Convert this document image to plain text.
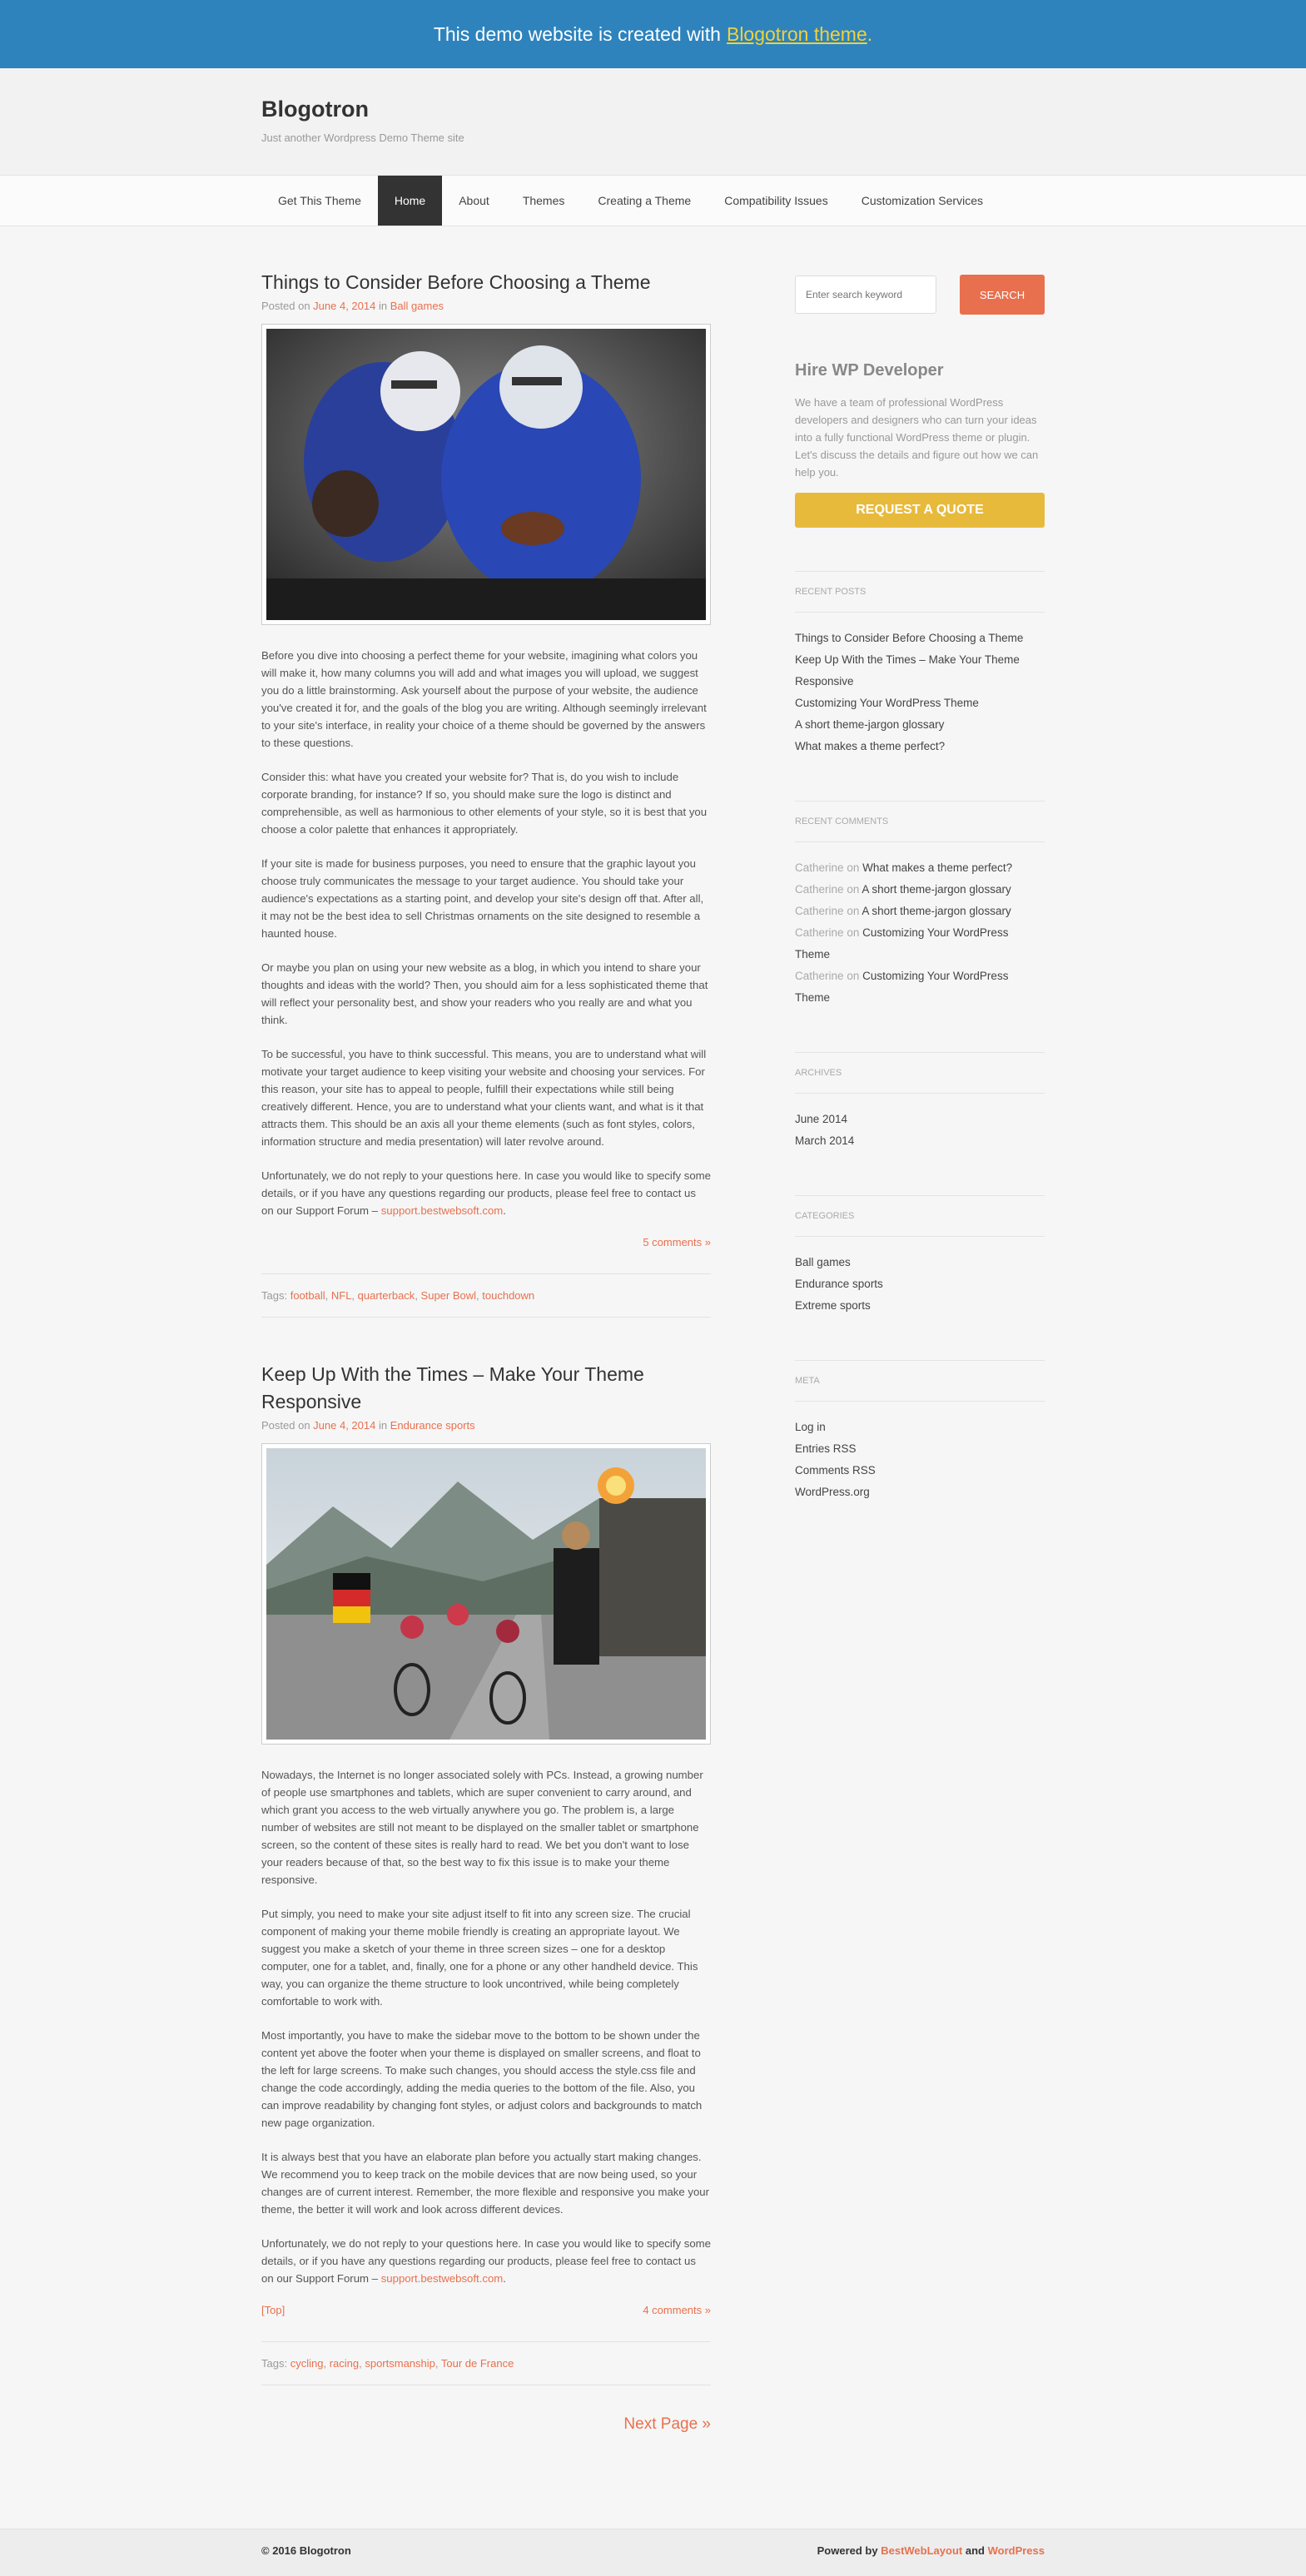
This demo website is created with Blogotron theme .
Blogotron
Just another Wordpress Demo Theme site
Get This Theme	Home	About	Themes	Creating a Theme	Compatibility Issues	Customization Services
Things to Consider Before Choosing a Theme
Posted on June 4, 2014 in Ball games

Before you dive into choosing a perfect theme for your website, imagining what colors you will make it, how many columns you will add and what images you will upload, we suggest you do a little brainstorming. Ask yourself about the purpose of your website, the audience you've created it for, and the goals of the blog you are writing. Although seemingly irrelevant to your site's interface, in reality your choice of a theme should be governed by the answers to these questions.

Consider this: what have you created your website for? That is, do you wish to include corporate branding, for instance? If so, you should make sure the logo is distinct and comprehensible, as well as harmonious to other elements of your style, so it is best that you choose a color palette that enhances it appropriately.

If your site is made for business purposes, you need to ensure that the graphic layout you choose truly communicates the message to your target audience. You should take your audience's expectations as a starting point, and develop your site's design off that. After all, it may not be the best idea to sell Christmas ornaments on the site designed to resemble a haunted house.

Or maybe you plan on using your new website as a blog, in which you intend to share your thoughts and ideas with the world? Then, you should aim for a less sophisticated theme that will reflect your personality best, and show your readers who you really are and what you think.

To be successful, you have to think successful. This means, you are to understand what will motivate your target audience to keep visiting your website and choosing your services. For this reason, your site has to appeal to people, fulfill their expectations while still being creatively different. Hence, you are to understand what your clients want, and what is it that attracts them. This should be an axis all your theme elements (such as font styles, colors, information structure and media presentation) will later revolve around.

Unfortunately, we do not reply to your questions here. In case you would like to specify some details, or if you have any questions regarding our products, please feel free to contact us on our Support Forum – support.bestwebsoft.com.

5 comments »
Tags: football, NFL, quarterback, Super Bowl, touchdown
Keep Up With the Times – Make Your Theme Responsive
Posted on June 4, 2014 in Endurance sports

Nowadays, the Internet is no longer associated solely with PCs. Instead, a growing number of people use smartphones and tablets, which are super convenient to carry around, and which grant you access to the web virtually anywhere you go. The problem is, a large number of websites are still not meant to be displayed on the smaller tablet or smartphone screen, so the content of these sites is really hard to read. We bet you don't want to lose your readers because of that, so the best way to fix this issue is to make your theme responsive.

Put simply, you need to make your site adjust itself to fit into any screen size. The crucial component of making your theme mobile friendly is creating an appropriate layout. We suggest you make a sketch of your theme in three screen sizes – one for a desktop computer, one for a tablet, and, finally, one for a phone or any other handheld device. This way, you can organize the theme structure to look uncontrived, while being completely comfortable to work with.

Most importantly, you have to make the sidebar move to the bottom to be shown under the content yet above the footer when your theme is displayed on smaller screens, and float to the left for large screens. To make such changes, you should access the style.css file and change the code accordingly, adding the media queries to the bottom of the file. Also, you can improve readability by changing font styles, or adjust colors and backgrounds to match new page organization.

It is always best that you have an elaborate plan before you actually start making changes. We recommend you to keep track on the mobile devices that are now being used, so your changes are of current interest. Remember, the more flexible and responsive you make your theme, the better it will work and look across different devices.

Unfortunately, we do not reply to your questions here. In case you would like to specify some details, or if you have any questions regarding our products, please feel free to contact us on our Support Forum – support.bestwebsoft.com.

[Top]	4 comments »
Tags: cycling, racing, sportsmanship, Tour de France
Next Page »
Enter search keyword
SEARCH
Hire WP Developer

We have a team of professional WordPress developers and designers who can turn your ideas into a fully functional WordPress theme or plugin. Let's discuss the details and figure out how we can help you.

REQUEST A QUOTE
RECENT POSTS
Things to Consider Before Choosing a Theme
Keep Up With the Times – Make Your Theme Responsive
Customizing Your WordPress Theme
A short theme-jargon glossary
What makes a theme perfect?
RECENT COMMENTS
Catherine on What makes a theme perfect?
Catherine on A short theme-jargon glossary
Catherine on A short theme-jargon glossary
Catherine on Customizing Your WordPress Theme
Catherine on Customizing Your WordPress Theme
ARCHIVES
June 2014
March 2014
CATEGORIES
Ball games
Endurance sports
Extreme sports
META
Log in
Entries RSS
Comments RSS
WordPress.org
© 2016 Blogotron	Powered by BestWebLayout and WordPress
